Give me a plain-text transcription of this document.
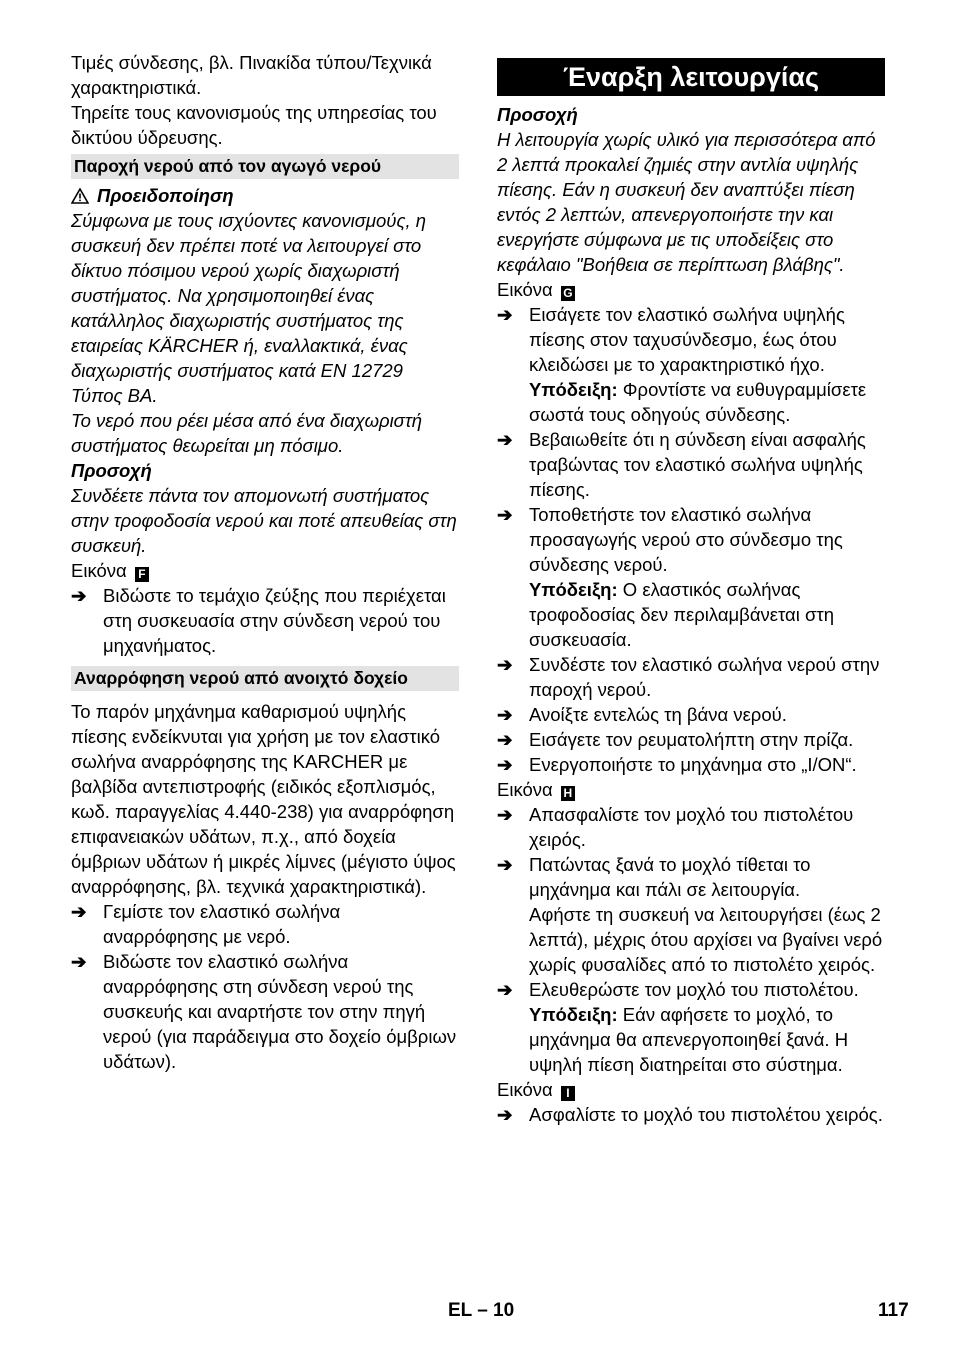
Τιμές σύνδεσης, βλ. Πινακίδα τύπου/Τεχνικά χαρακτηριστικά.

Τηρείτε τους κανονισμούς της υπηρεσίας του δικτύου ύδρευσης.

Παροχή νερού από τον αγωγό νερού
Προειδοποίηση

Σύμφωνα με τους ισχύοντες κανονισμούς, η συσκευή δεν πρέπει ποτέ να λειτουργεί στο δίκτυο πόσιμου νερού χωρίς διαχωριστή συστήματος. Να χρησιμοποιηθεί ένας κατάλληλος διαχωριστής συστήματος της εταιρείας KÄRCHER ή, εναλλακτικά, ένας διαχωριστής συστήματος κατά EN 12729 Τύπος BA.

Το νερό που ρέει μέσα από ένα διαχωριστή συστήματος θεωρείται μη πόσιμο.

Προσοχή

Συνδέετε πάντα τον απομονωτή συστήματος στην τροφοδοσία νερού και ποτέ απευθείας στη συσκευή.

Εικόνα F

➔ Βιδώστε το τεμάχιο ζεύξης που περιέχεται στη συσκευασία στην σύνδεση νερού του μηχανήματος.
Αναρρόφηση νερού από ανοιχτό δοχείο

Το παρόν μηχάνημα καθαρισμού υψηλής πίεσης ενδείκνυται για χρήση με τον ελαστικό σωλήνα αναρρόφησης της KARCHER με βαλβίδα αντεπιστροφής (ειδικός εξοπλισμός, κωδ. παραγγελίας 4.440-238) για αναρρόφηση επιφανειακών υδάτων, π.χ., από δοχεία όμβριων υδάτων ή μικρές λίμνες (μέγιστο ύψος αναρρόφησης, βλ. τεχνικά χαρακτηριστικά).

➔ Γεμίστε τον ελαστικό σωλήνα αναρρόφησης με νερό.
➔ Βιδώστε τον ελαστικό σωλήνα αναρρόφησης στη σύνδεση νερού της συσκευής και αναρτήστε τον στην πηγή νερού (για παράδειγμα στο δοχείο όμβριων υδάτων).
Έναρξη λειτουργίας

Προσοχή

Η λειτουργία χωρίς υλικό για περισσότερα από 2 λεπτά προκαλεί ζημιές στην αντλία υψηλής πίεσης. Εάν η συσκευή δεν αναπτύξει πίεση εντός 2 λεπτών, απενεργοποιήστε την και ενεργήστε σύμφωνα με τις υποδείξεις στο κεφάλαιο "Βοήθεια σε περίπτωση βλάβης".

Εικόνα G

➔ Εισάγετε τον ελαστικό σωλήνα υψηλής πίεσης στον ταχυσύνδεσμο, έως ότου κλειδώσει με το χαρακτηριστικό ήχο.
Υπόδειξη: Φροντίστε να ευθυγραμμίσετε σωστά τους οδηγούς σύνδεσης.
➔ Βεβαιωθείτε ότι η σύνδεση είναι ασφαλής τραβώντας τον ελαστικό σωλήνα υψηλής πίεσης.
➔ Τοποθετήστε τον ελαστικό σωλήνα προσαγωγής νερού στο σύνδεσμο της σύνδεσης νερού.
Υπόδειξη: Ο ελαστικός σωλήνας τροφοδοσίας δεν περιλαμβάνεται στη συσκευασία.
➔ Συνδέστε τον ελαστικό σωλήνα νερού στην παροχή νερού.
➔ Ανοίξτε εντελώς τη βάνα νερού.
➔ Εισάγετε τον ρευματολήπτη στην πρίζα.
➔ Ενεργοποιήστε το μηχάνημα στο „I/ON“.

Εικόνα H

➔ Απασφαλίστε τον μοχλό του πιστολέτου χειρός.
➔ Πατώντας ξανά το μοχλό τίθεται το μηχάνημα και πάλι σε λειτουργία.
Αφήστε τη συσκευή να λειτουργήσει (έως 2 λεπτά), μέχρις ότου αρχίσει να βγαίνει νερό χωρίς φυσαλίδες από το πιστολέτο χειρός.
➔ Ελευθερώστε τον μοχλό του πιστολέτου.
Υπόδειξη: Εάν αφήσετε το μοχλό, το μηχάνημα θα απενεργοποιηθεί ξανά. Η υψηλή πίεση διατηρείται στο σύστημα.

Εικόνα I

➔ Ασφαλίστε το μοχλό του πιστολέτου χειρός.
EL – 10	117
